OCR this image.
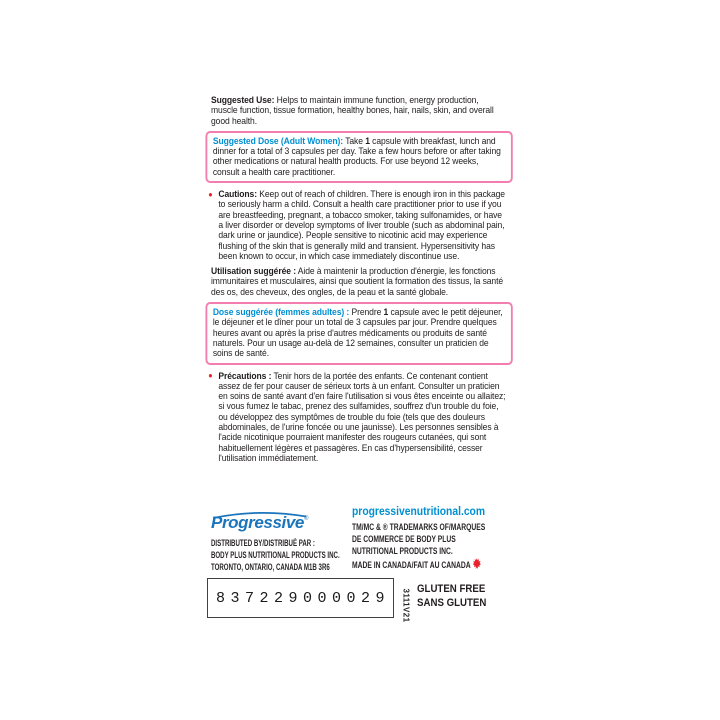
Suggested Use: Helps to maintain immune function, energy production, muscle function, tissue formation, healthy bones, hair, nails, skin, and overall good health.

Suggested Dose (Adult Women): Take 1 capsule with breakfast, lunch and dinner for a total of 3 capsules per day. Take a few hours before or after taking other medications or natural health products. For use beyond 12 weeks, consult a health care practitioner.

● Cautions: Keep out of reach of children. There is enough iron in this package to seriously harm a child. Consult a health care practitioner prior to use if you are breastfeeding, pregnant, a tobacco smoker, taking sulfonamides, or have a liver disorder or develop symptoms of liver trouble (such as abdominal pain, dark urine or jaundice). People sensitive to nicotinic acid may experience flushing of the skin that is generally mild and transient. Hypersensitivity has been known to occur, in which case immediately discontinue use.

Utilisation suggérée : Aide à maintenir la production d'énergie, les fonctions immunitaires et musculaires, ainsi que soutient la formation des tissus, la santé des os, des cheveux, des ongles, de la peau et la santé globale.

Dose suggérée (femmes adultes) : Prendre 1 capsule avec le petit déjeuner, le déjeuner et le dîner pour un total de 3 capsules par jour. Prendre quelques heures avant ou après la prise d'autres médicaments ou produits de santé naturels. Pour un usage au-delà de 12 semaines, consulter un praticien de soins de santé.

● Précautions : Tenir hors de la portée des enfants. Ce contenant contient assez de fer pour causer de sérieux torts à un enfant. Consulter un praticien en soins de santé avant d'en faire l'utilisation si vous êtes enceinte ou allaitez; si vous fumez le tabac, prenez des sulfamides, souffrez d'un trouble du foie, ou développez des symptômes de trouble du foie (tels que des douleurs abdominales, de l'urine foncée ou une jaunisse). Les personnes sensibles à l'acide nicotinique pourraient manifester des rougeurs cutanées, qui sont habituellement légères et passagères. En cas d'hypersensibilité, cesser l'utilisation immédiatement.

Progressive®
DISTRIBUTED BY/DISTRIBUÉ PAR :
BODY PLUS NUTRITIONAL PRODUCTS INC.
TORONTO, ONTARIO, CANADA M1B 3R6
progressivenutritional.com
TM/MC & ® TRADEMARKS OF/MARQUES
DE COMMERCE DE BODY PLUS
NUTRITIONAL PRODUCTS INC.
MADE IN CANADA/FAIT AU CANADA
837229000029 3111V21 GLUTEN FREE
SANS GLUTEN
